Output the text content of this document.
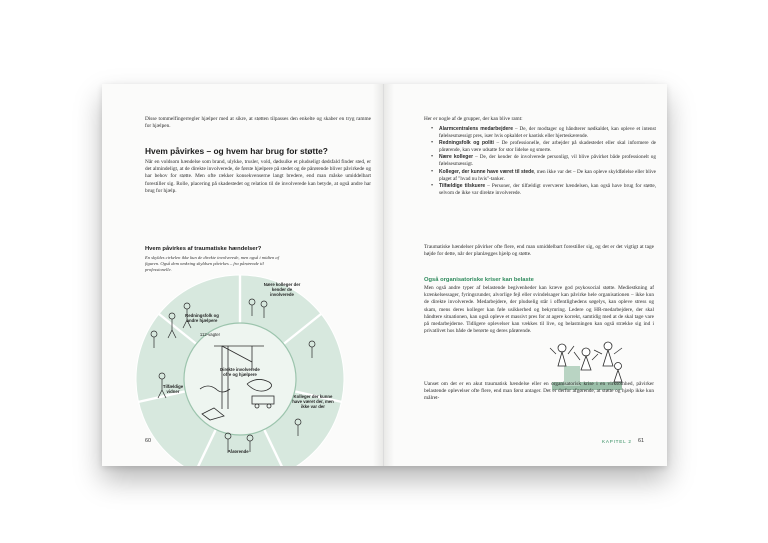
Disse tommelfingerregler hjælper med at sikre, at støtten tilpasses den enkelte og skaber en tryg ramme for hjælpen.

Hvem påvirkes – og hvem har brug for støtte?

Når en voldsom hændelse som brand, ulykke, trusler, vold, dødsulke et pludseligt dødsfald finder sted, er det almindeligt, at de direkte involverede, de første hjælpere på stedet og de pårørende bliver påvirkede og har behov for støtte. Men ofte rækker konsekvenserne langt bredere, end man måske umiddelbart forestiller sig. Rolle, placering på skadestedet og relation til de involverede kan betyde, at også andre har brug for hjælp.

Hvem påvirkes af traumatiske hændelser?

En skyldes cirkelen ikke kun de direkte involverede, men også i midten af figuren. Også dem omkring skyldsen påvirkes – fra pårørende til professionelle.

Direkte involverede ofre og hjælpere
Nære kolleger der kender de involverede
Redningsfolk og andre hjælpere
112-vagter
Tilfældige vidner
Pårørende
Kolleger der kunne have været der, men ikke var der
60

Her er nogle af de grupper, der kan blive ramt:

• Alarmcentralens medarbejdere – De, der modtager og håndterer nødkaldet, kan opleve et intenst følelsesmæssigt pres, især hvis opkaldet er kaotisk eller hjerteskærende.
• Redningsfolk og politi – De professionelle, der arbejder på skadestedet eller skal informere de pårørende, kan være udsatte for stor lidelse og smerte.
• Nære kolleger – De, der kender de involverede personligt, vil blive påvirket både professionelt og følelsesmæssigt.
• Kolleger, der kunne have været til stede, men ikke var det – De kan opleve skyldfølelse eller blive plaget af "hvad nu hvis"-tanker.
• Tilfældige tilskuere – Personer, der tilfældigt overværer hændelsen, kan også have brug for støtte, selvom de ikke var direkte involverede.

Traumatiske hændelser påvirker ofte flere, end man umiddelbart forestiller sig, og det er det vigtigt at tage højde for dette, når der planlægges hjælp og støtte.

Også organisatoriske kriser kan belaste

Men også andre typer af belastende begivenheder kan kræve god psykosocial støtte. Mediestkning af krænkelsessager, fyringsrunder, alvorlige fejl eller svindelsager kan påvirke hele organisationen – ikke kun de direkte involverede. Medarbejdere, der pludselig står i offentlighedens søgelys, kan opleve stress og skam, mens deres kolleger kan føle usikkerhed og bekymring. Ledere og HR-medarbejdere, der skal håndtere situationen, kan også opleve et massivt pres for at agere korrekt, samtidig med at de skal tage vare på medarbejderne. Tidligere oplevelser kan vækkes til live, og belastningen kan også strække sig ind i privatlivet hos både de berørte og deres pårørende.

Uanset om det er en akut traumatisk hændelse eller en organisatorisk krise i en virksomhed, påvirker belastende oplevelser ofte flere, end man først antager. Det er derfor afgørende, at støtte og hjælp ikke kun målret-

KAPITEL 2 61
